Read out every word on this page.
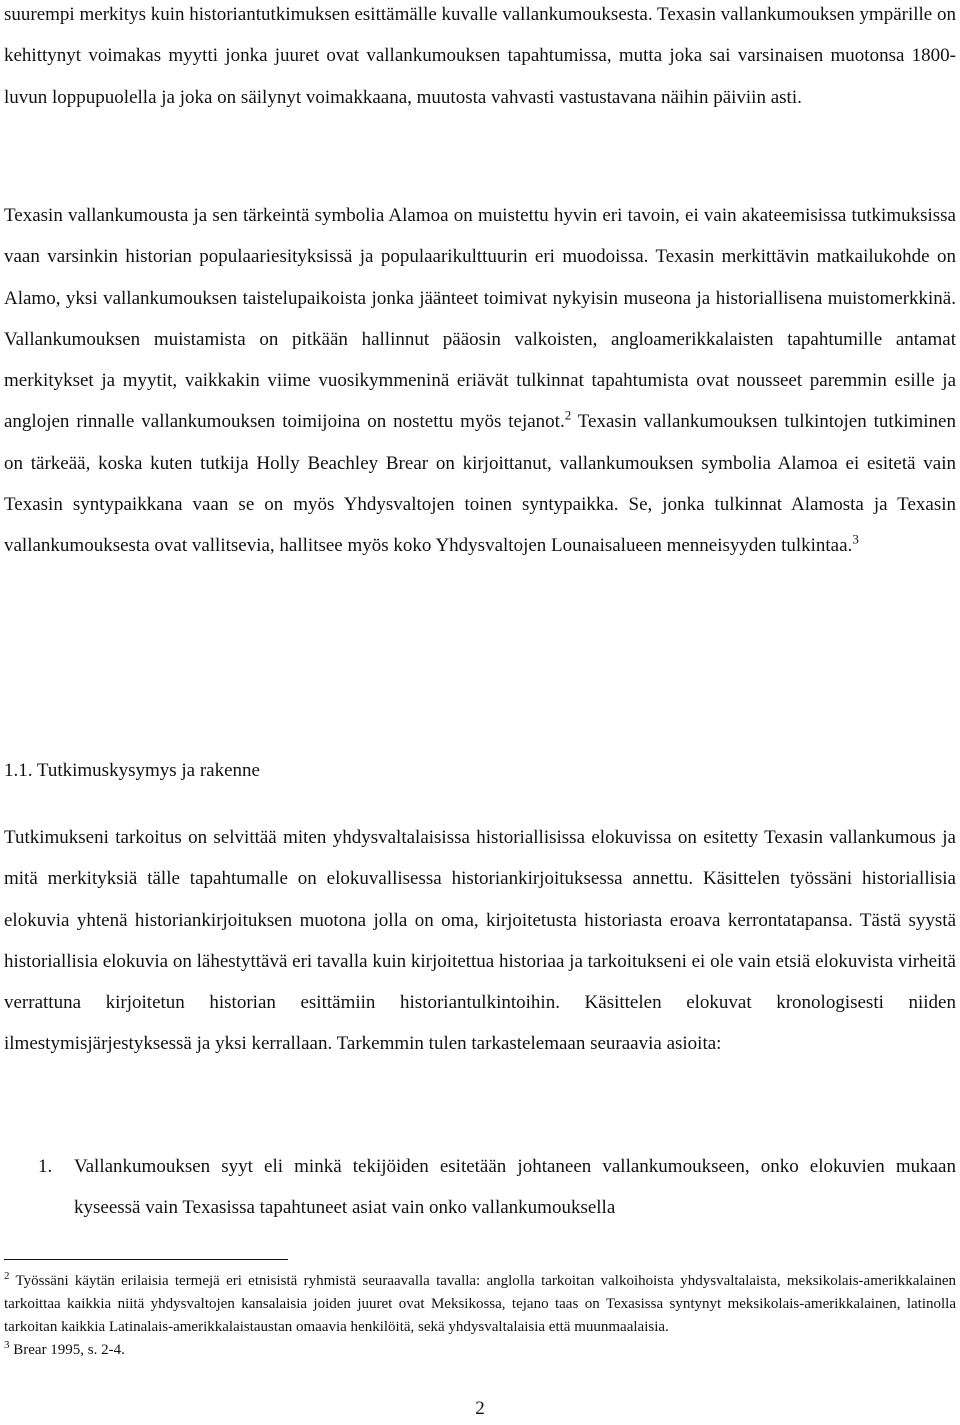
suurempi merkitys kuin historiantutkimuksen esittämälle kuvalle vallankumouksesta. Texasin vallankumouksen ympärille on kehittynyt voimakas myytti jonka juuret ovat vallankumouksen tapahtumissa, mutta joka sai varsinaisen muotonsa 1800-luvun loppupuolella ja joka on säilynyt voimakkaana, muutosta vahvasti vastustavana näihin päiviin asti.

Texasin vallankumousta ja sen tärkeintä symbolia Alamoa on muistettu hyvin eri tavoin, ei vain akateemisissa tutkimuksissa vaan varsinkin historian populaariesityksissä ja populaarikulttuurin eri muodoissa. Texasin merkittävin matkailukohde on Alamo, yksi vallankumouksen taistelupaikoista jonka jäänteet toimivat nykyisin museona ja historiallisena muistomerkkinä. Vallankumouksen muistamista on pitkään hallinnut pääosin valkoisten, angloamerikkalaisten tapahtumille antamat merkitykset ja myytit, vaikkakin viime vuosikymmeninä eriävät tulkinnat tapahtumista ovat nousseet paremmin esille ja anglojen rinnalle vallankumouksen toimijoina on nostettu myös tejanot.$^2$ Texasin vallankumouksen tulkintojen tutkiminen on tärkeää, koska kuten tutkija Holly Beachley Brear on kirjoittanut, vallankumouksen symbolia Alamoa ei esitetä vain Texasin syntypaikkana vaan se on myös Yhdysvaltojen toinen syntypaikka. Se, jonka tulkinnat Alamosta ja Texasin vallankumouksesta ovat vallitsevia, hallitsee myös koko Yhdysvaltojen Lounaisalueen menneisyyden tulkintaa.$^3$

1.1. Tutkimuskysymys ja rakenne

Tutkimukseni tarkoitus on selvittää miten yhdysvaltalaisissa historiallisissa elokuvissa on esitetty Texasin vallankumous ja mitä merkityksiä tälle tapahtumalle on elokuvallisessa historiankirjoituksessa annettu. Käsittelen työssäni historiallisia elokuvia yhtenä historiankirjoituksen muotona jolla on oma, kirjoitetusta historiasta eroava kerrontatapansa. Tästä syystä historiallisia elokuvia on lähestyttävä eri tavalla kuin kirjoitettua historiaa ja tarkoitukseni ei ole vain etsiä elokuvista virheitä verrattuna kirjoitetun historian esittämiin historiantulkintoihin. Käsittelen elokuvat kronologisesti niiden ilmestymisjärjestyksessä ja yksi kerrallaan. Tarkemmin tulen tarkastelemaan seuraavia asioita:

1. Vallankumouksen syyt eli minkä tekijöiden esitetään johtaneen vallankumoukseen, onko elokuvien mukaan kyseessä vain Texasissa tapahtuneet asiat vain onko vallankumouksella

$^2$ Työssäni käytän erilaisia termejä eri etnisistä ryhmistä seuraavalla tavalla: anglolla tarkoitan valkoihoista yhdysvaltalaista, meksikolais-amerikkalainen tarkoittaa kaikkia niitä yhdysvaltojen kansalaisia joiden juuret ovat Meksikossa, tejano taas on Texasissa syntynyt meksikolais-amerikkalainen, latinolla tarkoitan kaikkia Latinalais-amerikkalaistaustan omaavia henkilöitä, sekä yhdysvaltalaisia että muunmaalaisia.

$^3$ Brear 1995, s. 2-4.

2
